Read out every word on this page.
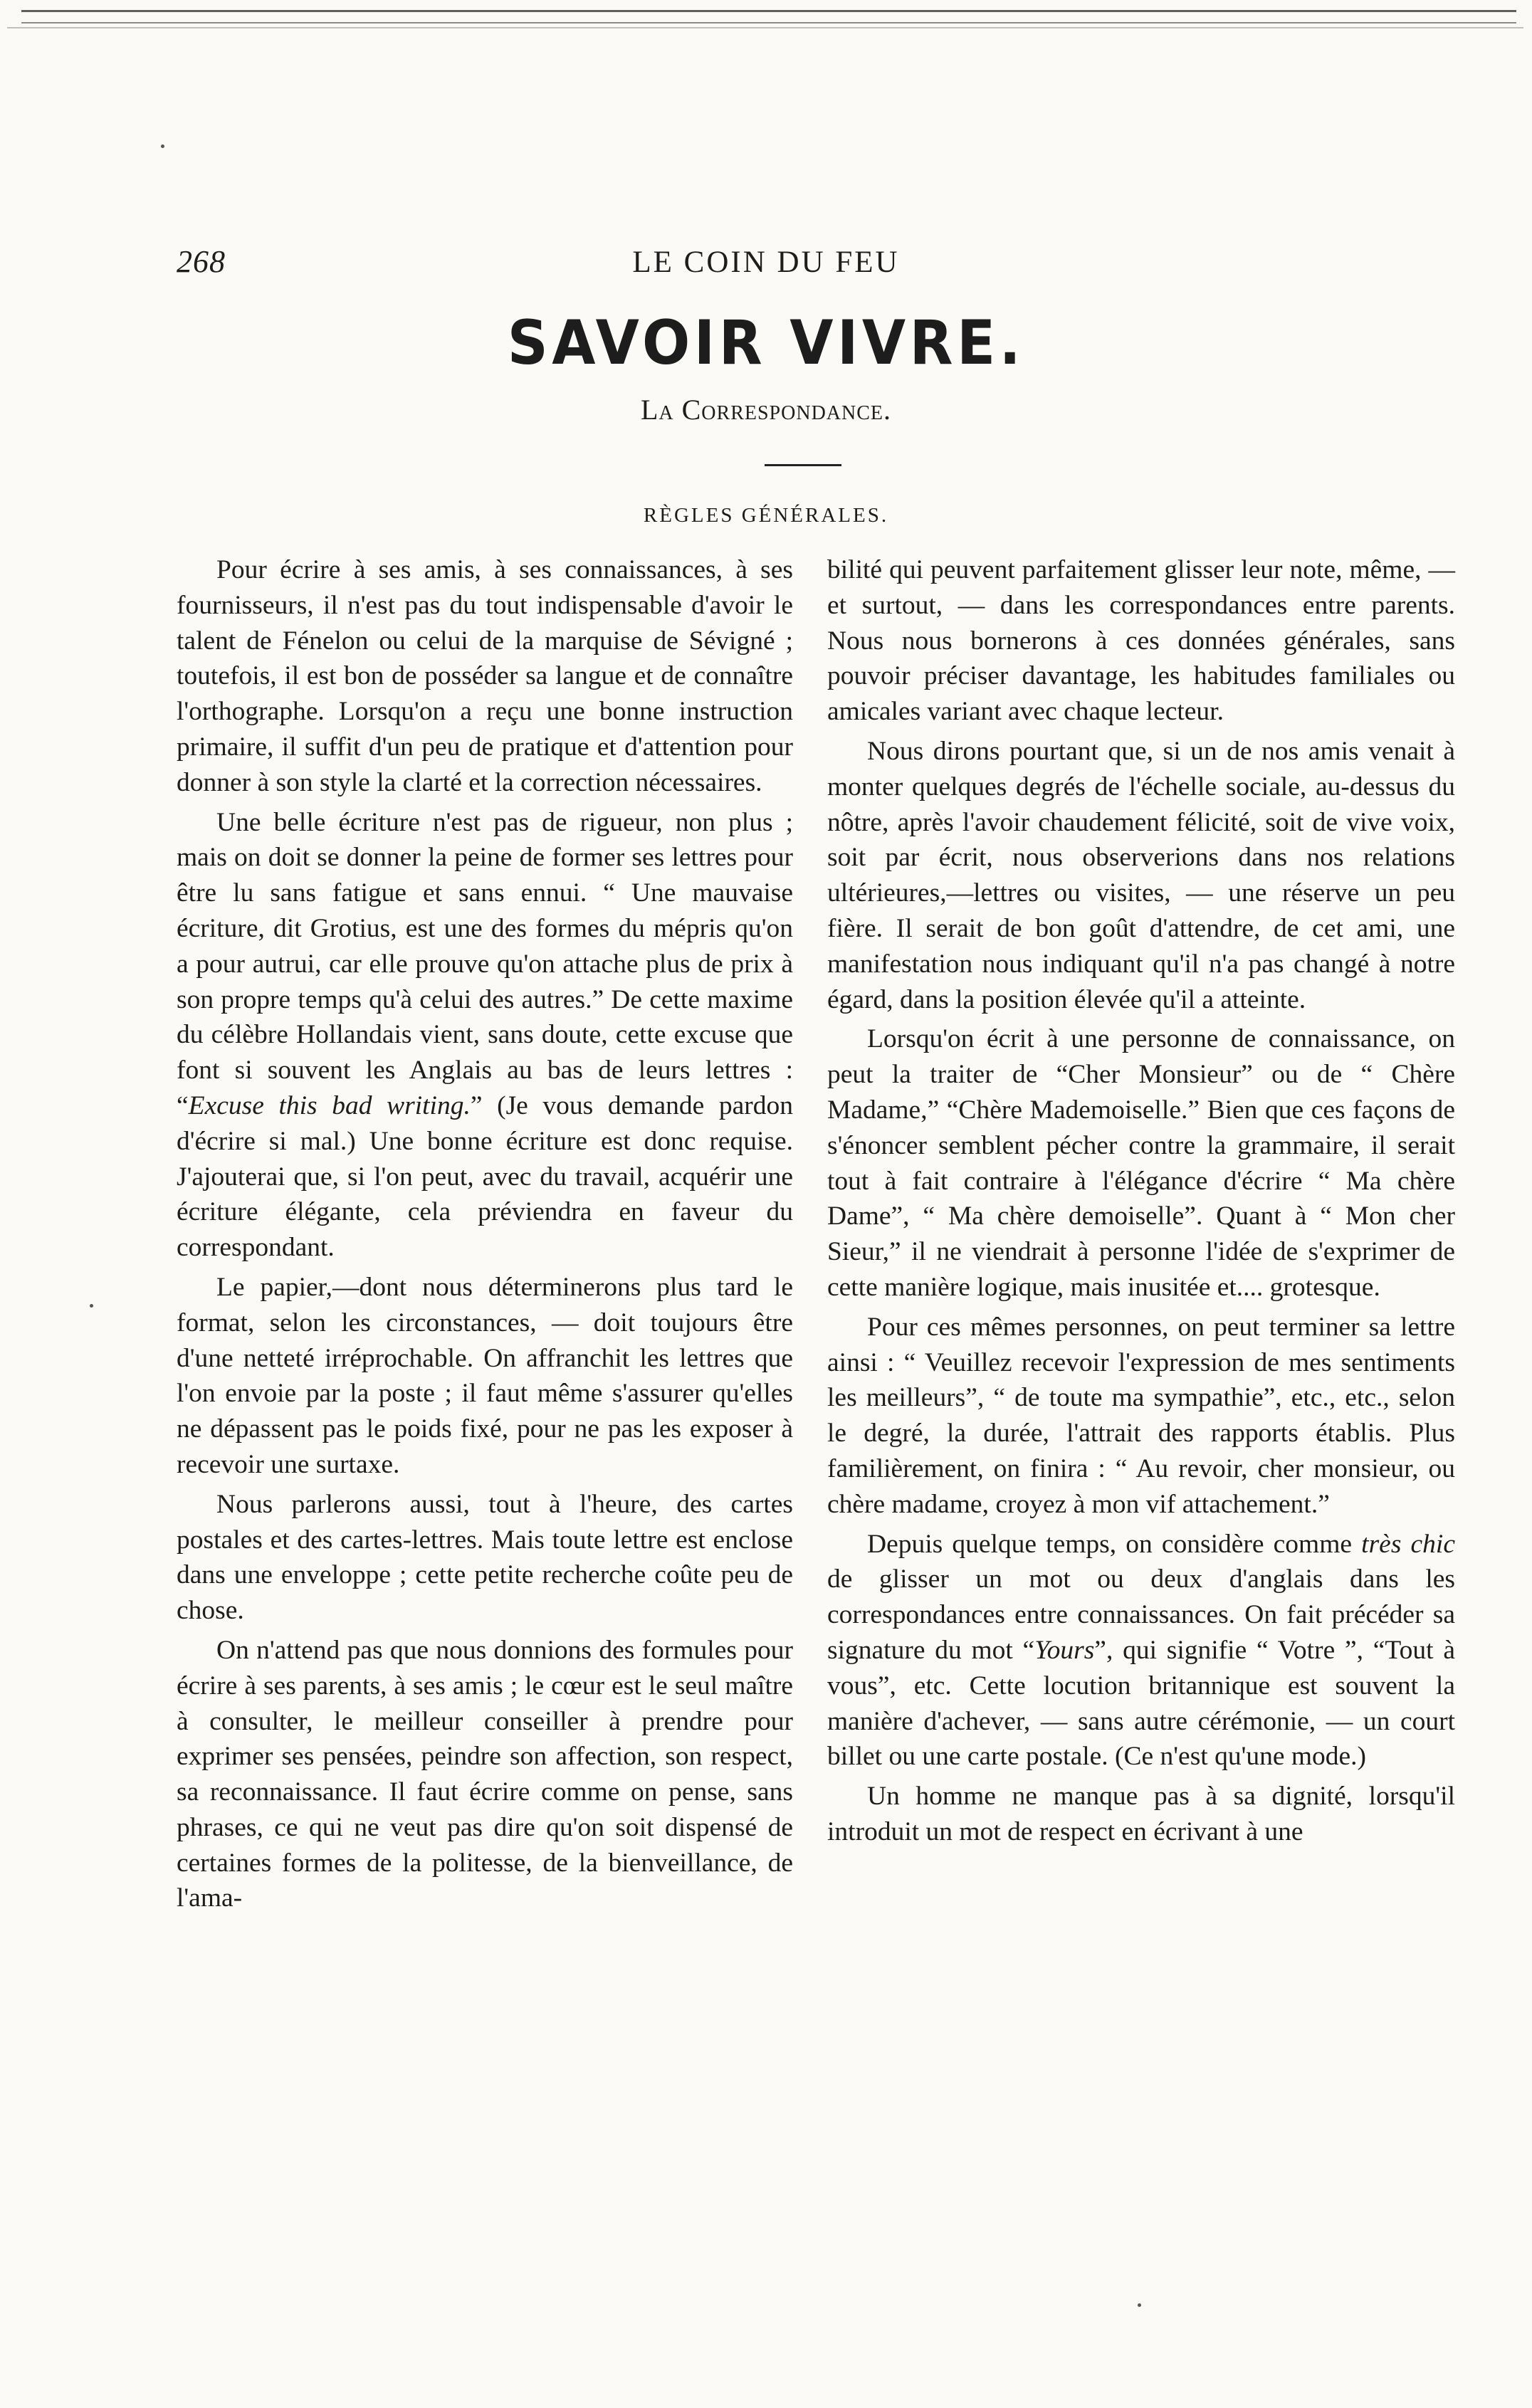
268	LE COIN DU FEU
SAVOIR VIVRE.
La Correspondance.
RÈGLES GÉNÉRALES.

Pour écrire à ses amis, à ses connaissances, à ses fournisseurs, il n'est pas du tout indispensable d'avoir le talent de Fénelon ou celui de la marquise de Sévigné ; toutefois, il est bon de posséder sa langue et de connaître l'orthographe. Lorsqu'on a reçu une bonne instruction primaire, il suffit d'un peu de pratique et d'attention pour donner à son style la clarté et la correction nécessaires.

Une belle écriture n'est pas de rigueur, non plus ; mais on doit se donner la peine de former ses lettres pour être lu sans fatigue et sans ennui. “ Une mauvaise écriture, dit Grotius, est une des formes du mépris qu'on a pour autrui, car elle prouve qu'on attache plus de prix à son propre temps qu'à celui des autres.” De cette maxime du célèbre Hollandais vient, sans doute, cette excuse que font si souvent les Anglais au bas de leurs lettres : “Excuse this bad writing.” (Je vous demande pardon d'écrire si mal.) Une bonne écriture est donc requise. J'ajouterai que, si l'on peut, avec du travail, acquérir une écriture élégante, cela préviendra en faveur du correspondant.

Le papier,—dont nous déterminerons plus tard le format, selon les circonstances, — doit toujours être d'une netteté irréprochable. On affranchit les lettres que l'on envoie par la poste ; il faut même s'assurer qu'elles ne dépassent pas le poids fixé, pour ne pas les exposer à recevoir une surtaxe.

Nous parlerons aussi, tout à l'heure, des cartes postales et des cartes-lettres. Mais toute lettre est enclose dans une enveloppe ; cette petite recherche coûte peu de chose.

On n'attend pas que nous donnions des formules pour écrire à ses parents, à ses amis ; le cœur est le seul maître à consulter, le meilleur conseiller à prendre pour exprimer ses pensées, peindre son affection, son respect, sa reconnaissance. Il faut écrire comme on pense, sans phrases, ce qui ne veut pas dire qu'on soit dispensé de certaines formes de la politesse, de la bienveillance, de l'ama-

bilité qui peuvent parfaitement glisser leur note, même, — et surtout, — dans les correspondances entre parents. Nous nous bornerons à ces données générales, sans pouvoir préciser davantage, les habitudes familiales ou amicales variant avec chaque lecteur.

Nous dirons pourtant que, si un de nos amis venait à monter quelques degrés de l'échelle sociale, au-dessus du nôtre, après l'avoir chaudement félicité, soit de vive voix, soit par écrit, nous observerions dans nos relations ultérieures,—lettres ou visites, — une réserve un peu fière. Il serait de bon goût d'attendre, de cet ami, une manifestation nous indiquant qu'il n'a pas changé à notre égard, dans la position élevée qu'il a atteinte.

Lorsqu'on écrit à une personne de connaissance, on peut la traiter de “Cher Monsieur” ou de “ Chère Madame,” “Chère Mademoiselle.” Bien que ces façons de s'énoncer semblent pécher contre la grammaire, il serait tout à fait contraire à l'élégance d'écrire “ Ma chère Dame”, “ Ma chère demoiselle”. Quant à “ Mon cher Sieur,” il ne viendrait à personne l'idée de s'exprimer de cette manière logique, mais inusitée et.... grotesque.

Pour ces mêmes personnes, on peut terminer sa lettre ainsi : “ Veuillez recevoir l'expression de mes sentiments les meilleurs”, “ de toute ma sympathie”, etc., etc., selon le degré, la durée, l'attrait des rapports établis. Plus familièrement, on finira : “ Au revoir, cher monsieur, ou chère madame, croyez à mon vif attachement.”

Depuis quelque temps, on considère comme très chic de glisser un mot ou deux d'anglais dans les correspondances entre connaissances. On fait précéder sa signature du mot “Yours”, qui signifie “ Votre ”, “Tout à vous”, etc. Cette locution britannique est souvent la manière d'achever, — sans autre cérémonie, — un court billet ou une carte postale. (Ce n'est qu'une mode.)

Un homme ne manque pas à sa dignité, lorsqu'il introduit un mot de respect en écrivant à une
